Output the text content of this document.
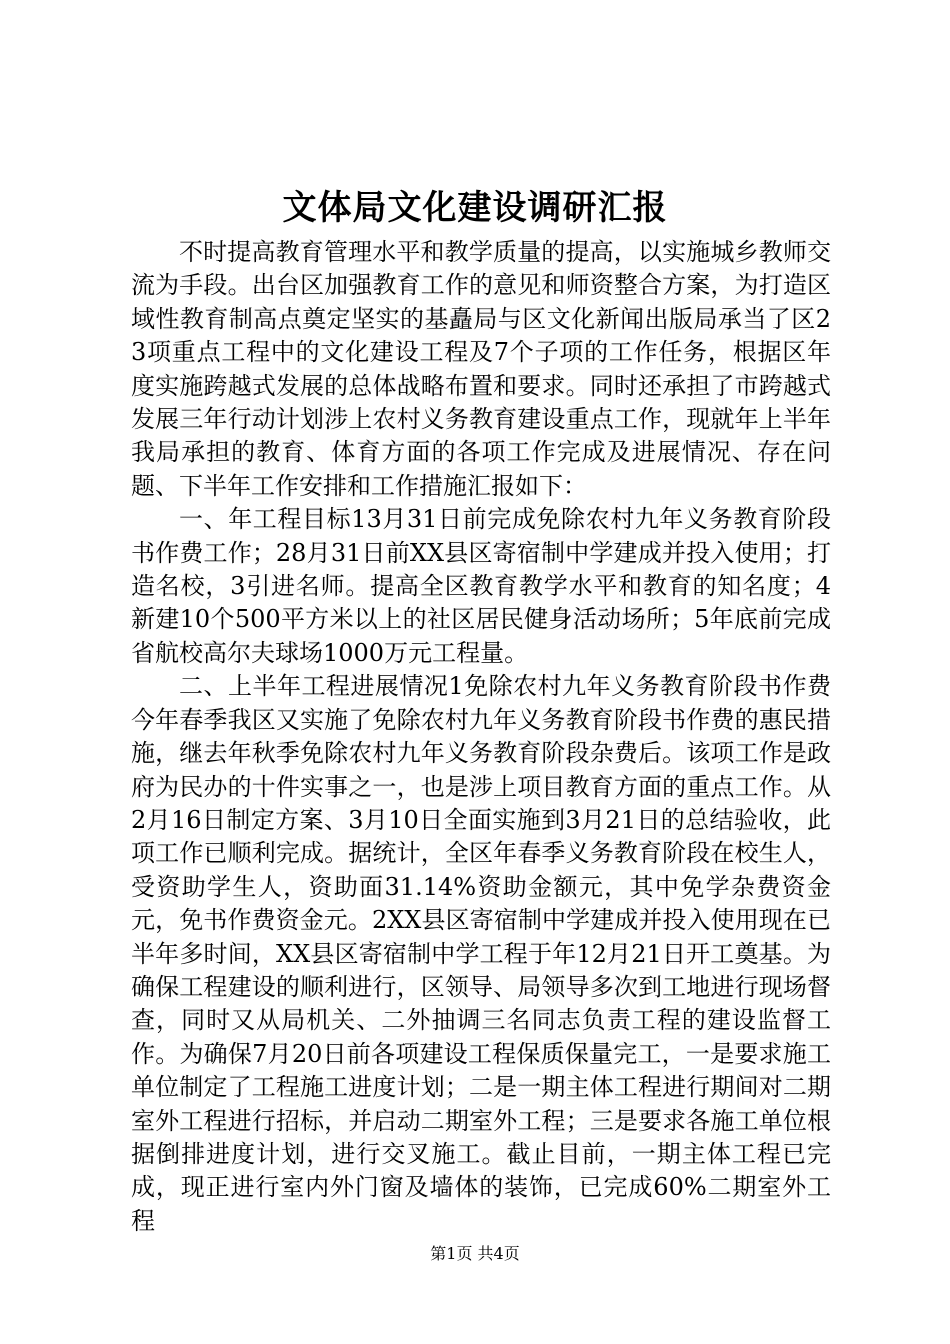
文体局文化建设调研汇报

不时提高教育管理水平和教学质量的提高，以实施城乡教师交流为手段。出台区加强教育工作的意见和师资整合方案，为打造区域性教育制高点奠定坚实的基矗局与区文化新闻出版局承当了区23项重点工程中的文化建设工程及7个子项的工作任务，根据区年度实施跨越式发展的总体战略布置和要求。同时还承担了市跨越式发展三年行动计划涉上农村义务教育建设重点工作，现就年上半年我局承担的教育、体育方面的各项工作完成及进展情况、存在问题、下半年工作安排和工作措施汇报如下：

一、年工程目标13月31日前完成免除农村九年义务教育阶段书作费工作；28月31日前XX县区寄宿制中学建成并投入使用；打造名校，3引进名师。提高全区教育教学水平和教育的知名度；4新建10个500平方米以上的社区居民健身活动场所；5年底前完成省航校高尔夫球场1000万元工程量。

二、上半年工程进展情况1免除农村九年义务教育阶段书作费今年春季我区又实施了免除农村九年义务教育阶段书作费的惠民措施，继去年秋季免除农村九年义务教育阶段杂费后。该项工作是政府为民办的十件实事之一，也是涉上项目教育方面的重点工作。从2月16日制定方案、3月10日全面实施到3月21日的总结验收，此项工作已顺利完成。据统计，全区年春季义务教育阶段在校生人，受资助学生人，资助面31.14%资助金额元，其中免学杂费资金元，免书作费资金元。2XX县区寄宿制中学建成并投入使用现在已半年多时间，XX县区寄宿制中学工程于年12月21日开工奠基。为确保工程建设的顺利进行，区领导、局领导多次到工地进行现场督查，同时又从局机关、二外抽调三名同志负责工程的建设监督工作。为确保7月20日前各项建设工程保质保量完工，一是要求施工单位制定了工程施工进度计划；二是一期主体工程进行期间对二期室外工程进行招标，并启动二期室外工程；三是要求各施工单位根据倒排进度计划，进行交叉施工。截止目前，一期主体工程已完成，现正进行室内外门窗及墙体的装饰，已完成60%二期室外工程

第1页 共4页
